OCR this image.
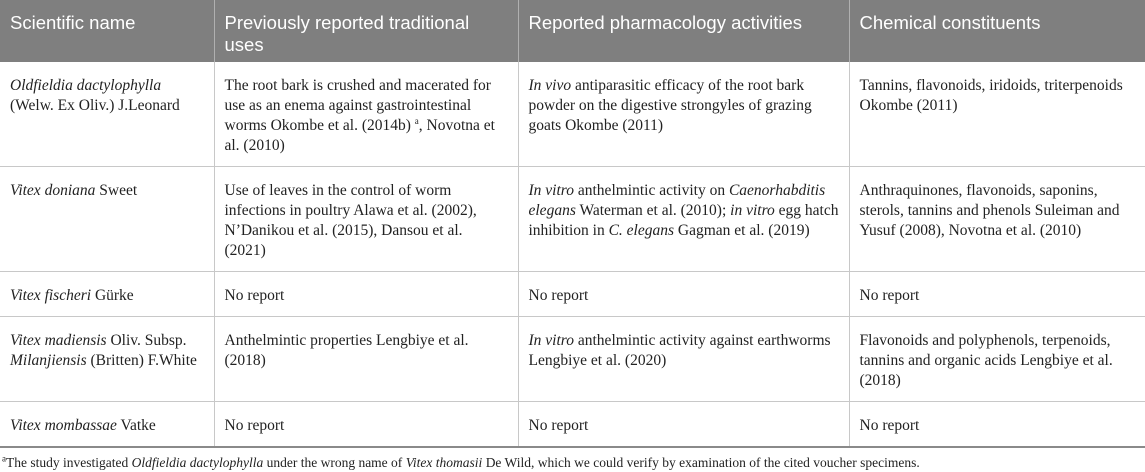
Scientific name	Previously reported traditional uses	Reported pharmacology activities	Chemical constituents
Oldfieldia dactylophylla (Welw. Ex Oliv.) J.Leonard	The root bark is crushed and macerated for use as an enema against gastrointestinal worms Okombe et al. (2014b) $^a$, Novotna et al. (2010)	In vivo antiparasitic efficacy of the root bark powder on the digestive strongyles of grazing goats Okombe (2011)	Tannins, flavonoids, iridoids, triterpenoids Okombe (2011)
Vitex doniana Sweet	Use of leaves in the control of worm infections in poultry Alawa et al. (2002), N’Danikou et al. (2015), Dansou et al. (2021)	In vitro anthelmintic activity on Caenorhabditis elegans Waterman et al. (2010); in vitro egg hatch inhibition in C. elegans Gagman et al. (2019)	Anthraquinones, flavonoids, saponins, sterols, tannins and phenols Suleiman and Yusuf (2008), Novotna et al. (2010)
Vitex fischeri Gürke	No report	No report	No report
Vitex madiensis Oliv. Subsp. Milanjiensis (Britten) F.White	Anthelmintic properties Lengbiye et al. (2018)	In vitro anthelmintic activity against earthworms Lengbiye et al. (2020)	Flavonoids and polyphenols, terpenoids, tannins and organic acids Lengbiye et al. (2018)
Vitex mombassae Vatke	No report	No report	No report
$^a$The study investigated Oldfieldia dactylophylla under the wrong name of Vitex thomasii De Wild, which we could verify by examination of the cited voucher specimens.
